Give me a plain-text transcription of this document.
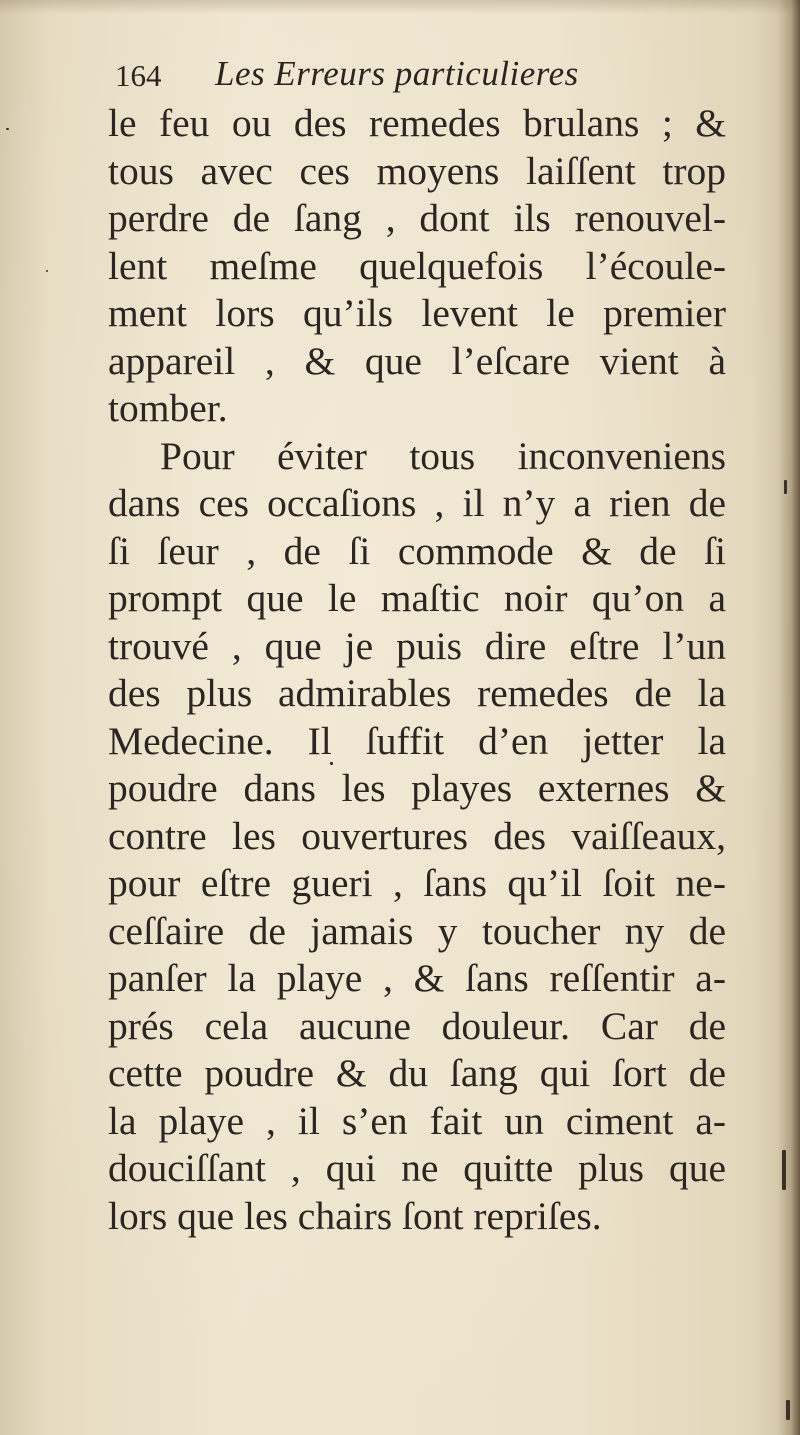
164 Les Erreurs particulieres
le feu ou des remedes brulans ; &
tous avec ces moyens laiſſent trop
perdre de ſang , dont ils renouvel-
lent meſme quelquefois l’écoule-
ment lors qu’ils levent le premier
appareil , & que l’eſcare vient à
tomber.
Pour éviter tous inconveniens
dans ces occaſions , il n’y a rien de
ſi ſeur , de ſi commode & de ſi
prompt que le maſtic noir qu’on a
trouvé , que je puis dire eſtre l’un
des plus admirables remedes de la
Medecine. Il ſuffit d’en jetter la
poudre dans les playes externes &
contre les ouvertures des vaiſſeaux,
pour eſtre gueri , ſans qu’il ſoit ne-
ceſſaire de jamais y toucher ny de
panſer la playe , & ſans reſſentir a-
prés cela aucune douleur. Car de
cette poudre & du ſang qui ſort de
la playe , il s’en fait un ciment a-
douciſſant , qui ne quitte plus que
lors que les chairs ſont repriſes.
